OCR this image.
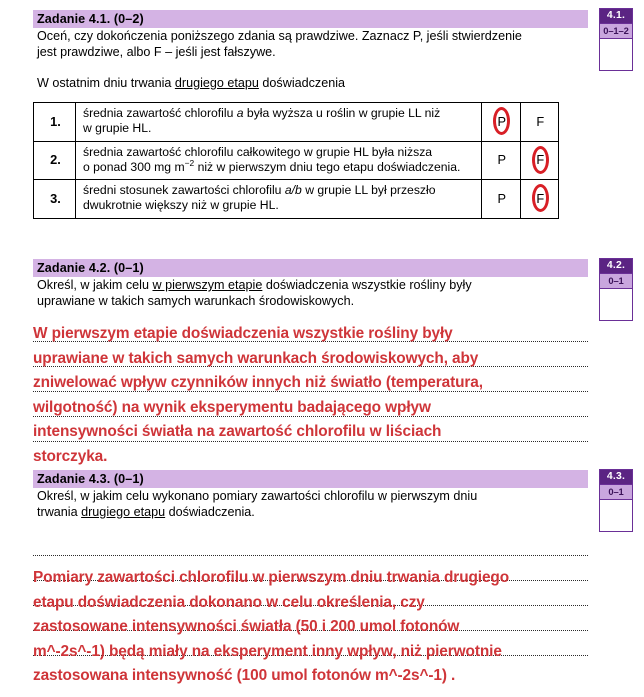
Zadanie 4.1. (0–2)

Oceń, czy dokończenia poniższego zdania są prawdziwe. Zaznacz P, jeśli stwierdzenie

jest prawdziwe, albo F – jeśli jest fałszywe.

W ostatnim dniu trwania drugiego etapu doświadczenia

1.	średnia zawartość chlorofilu a była wyższa u roślin w grupie LL niż
w grupie HL.	P	F
2.	średnia zawartość chlorofilu całkowitego w grupie HL była niższa
o ponad 300 mg $m^{-2}$ niż w pierwszym dniu tego etapu doświadczenia.	P	F
3.	średni stosunek zawartości chlorofilu a/b w grupie LL był przeszło
dwukrotnie większy niż w grupie HL.	P	F
4.1.
0–1–2
Zadanie 4.2. (0–1)

Określ, w jakim celu w pierwszym etapie doświadczenia wszystkie rośliny były

uprawiane w takich samych warunkach środowiskowych.

4.2.
0–1
W pierwszym etapie doświadczenia wszystkie rośliny były
uprawiane w takich samych warunkach środowiskowych, aby
zniwelować wpływ czynników innych niż światło (temperatura,
wilgotność) na wynik eksperymentu badającego wpływ
intensywności światła na zawartość chlorofilu w liściach
storczyka.
Zadanie 4.3. (0–1)

Określ, w jakim celu wykonano pomiary zawartości chlorofilu w pierwszym dniu

trwania drugiego etapu doświadczenia.

4.3.
0–1
Pomiary zawartości chlorofilu w pierwszym dniu trwania drugiego
etapu doświadczenia dokonano w celu określenia, czy
zastosowane intensywności światła (50 i 200 umol fotonów
m^-2s^-1) będą miały na eksperyment inny wpływ, niż pierwotnie
zastosowana intensywność (100 umol fotonów m^-2s^-1) .
